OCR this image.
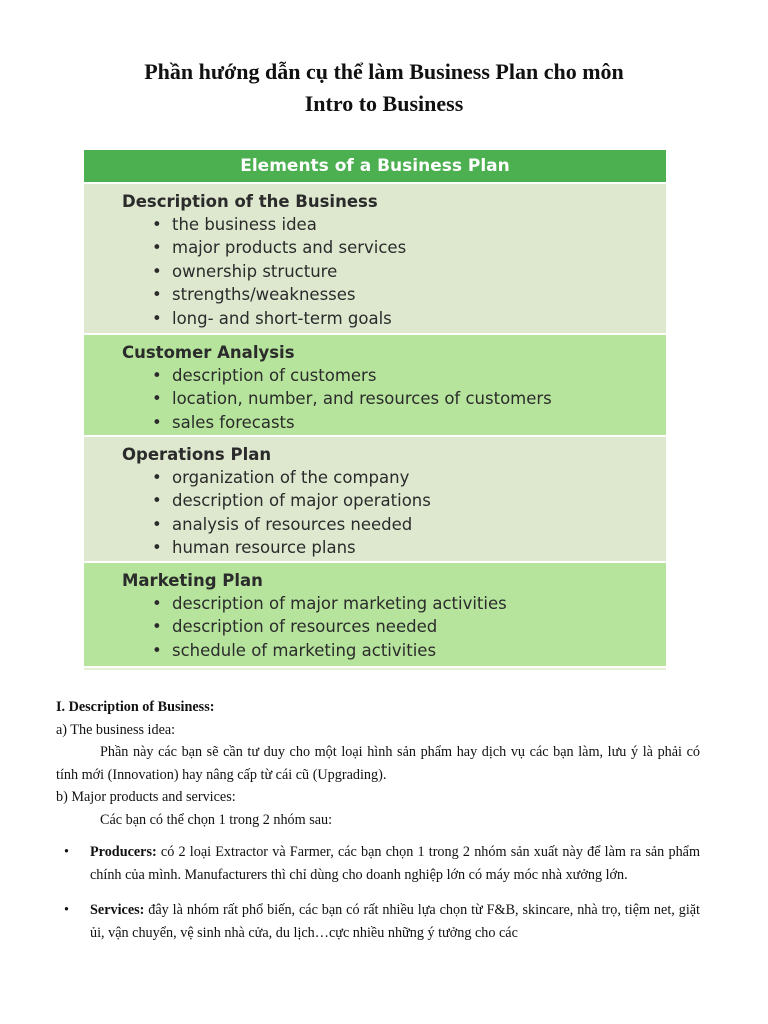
Phần hướng dẫn cụ thể làm Business Plan cho môn
Intro to Business
Elements of a Business Plan
Description of the Business
• the business idea
• major products and services
• ownership structure
• strengths/weaknesses
• long- and short-term goals
Customer Analysis
• description of customers
• location, number, and resources of customers
• sales forecasts
Operations Plan
• organization of the company
• description of major operations
• analysis of resources needed
• human resource plans
Marketing Plan
• description of major marketing activities
• description of resources needed
• schedule of marketing activities

I. Description of Business:

a) The business idea:

Phần này các bạn sẽ cần tư duy cho một loại hình sản phẩm hay dịch vụ các bạn làm, lưu ý là phải có tính mới (Innovation) hay nâng cấp từ cái cũ (Upgrading).

b) Major products and services:

Các bạn có thể chọn 1 trong 2 nhóm sau:

• Producers: có 2 loại Extractor và Farmer, các bạn chọn 1 trong 2 nhóm sản xuất này để làm ra sản phẩm chính của mình. Manufacturers thì chỉ dùng cho doanh nghiệp lớn có máy móc nhà xưởng lớn.
• Services: đây là nhóm rất phổ biến, các bạn có rất nhiều lựa chọn từ F&B, skincare, nhà trọ, tiệm net, giặt ủi, vận chuyển, vệ sinh nhà cửa, du lịch…cực nhiều những ý tưởng cho các
